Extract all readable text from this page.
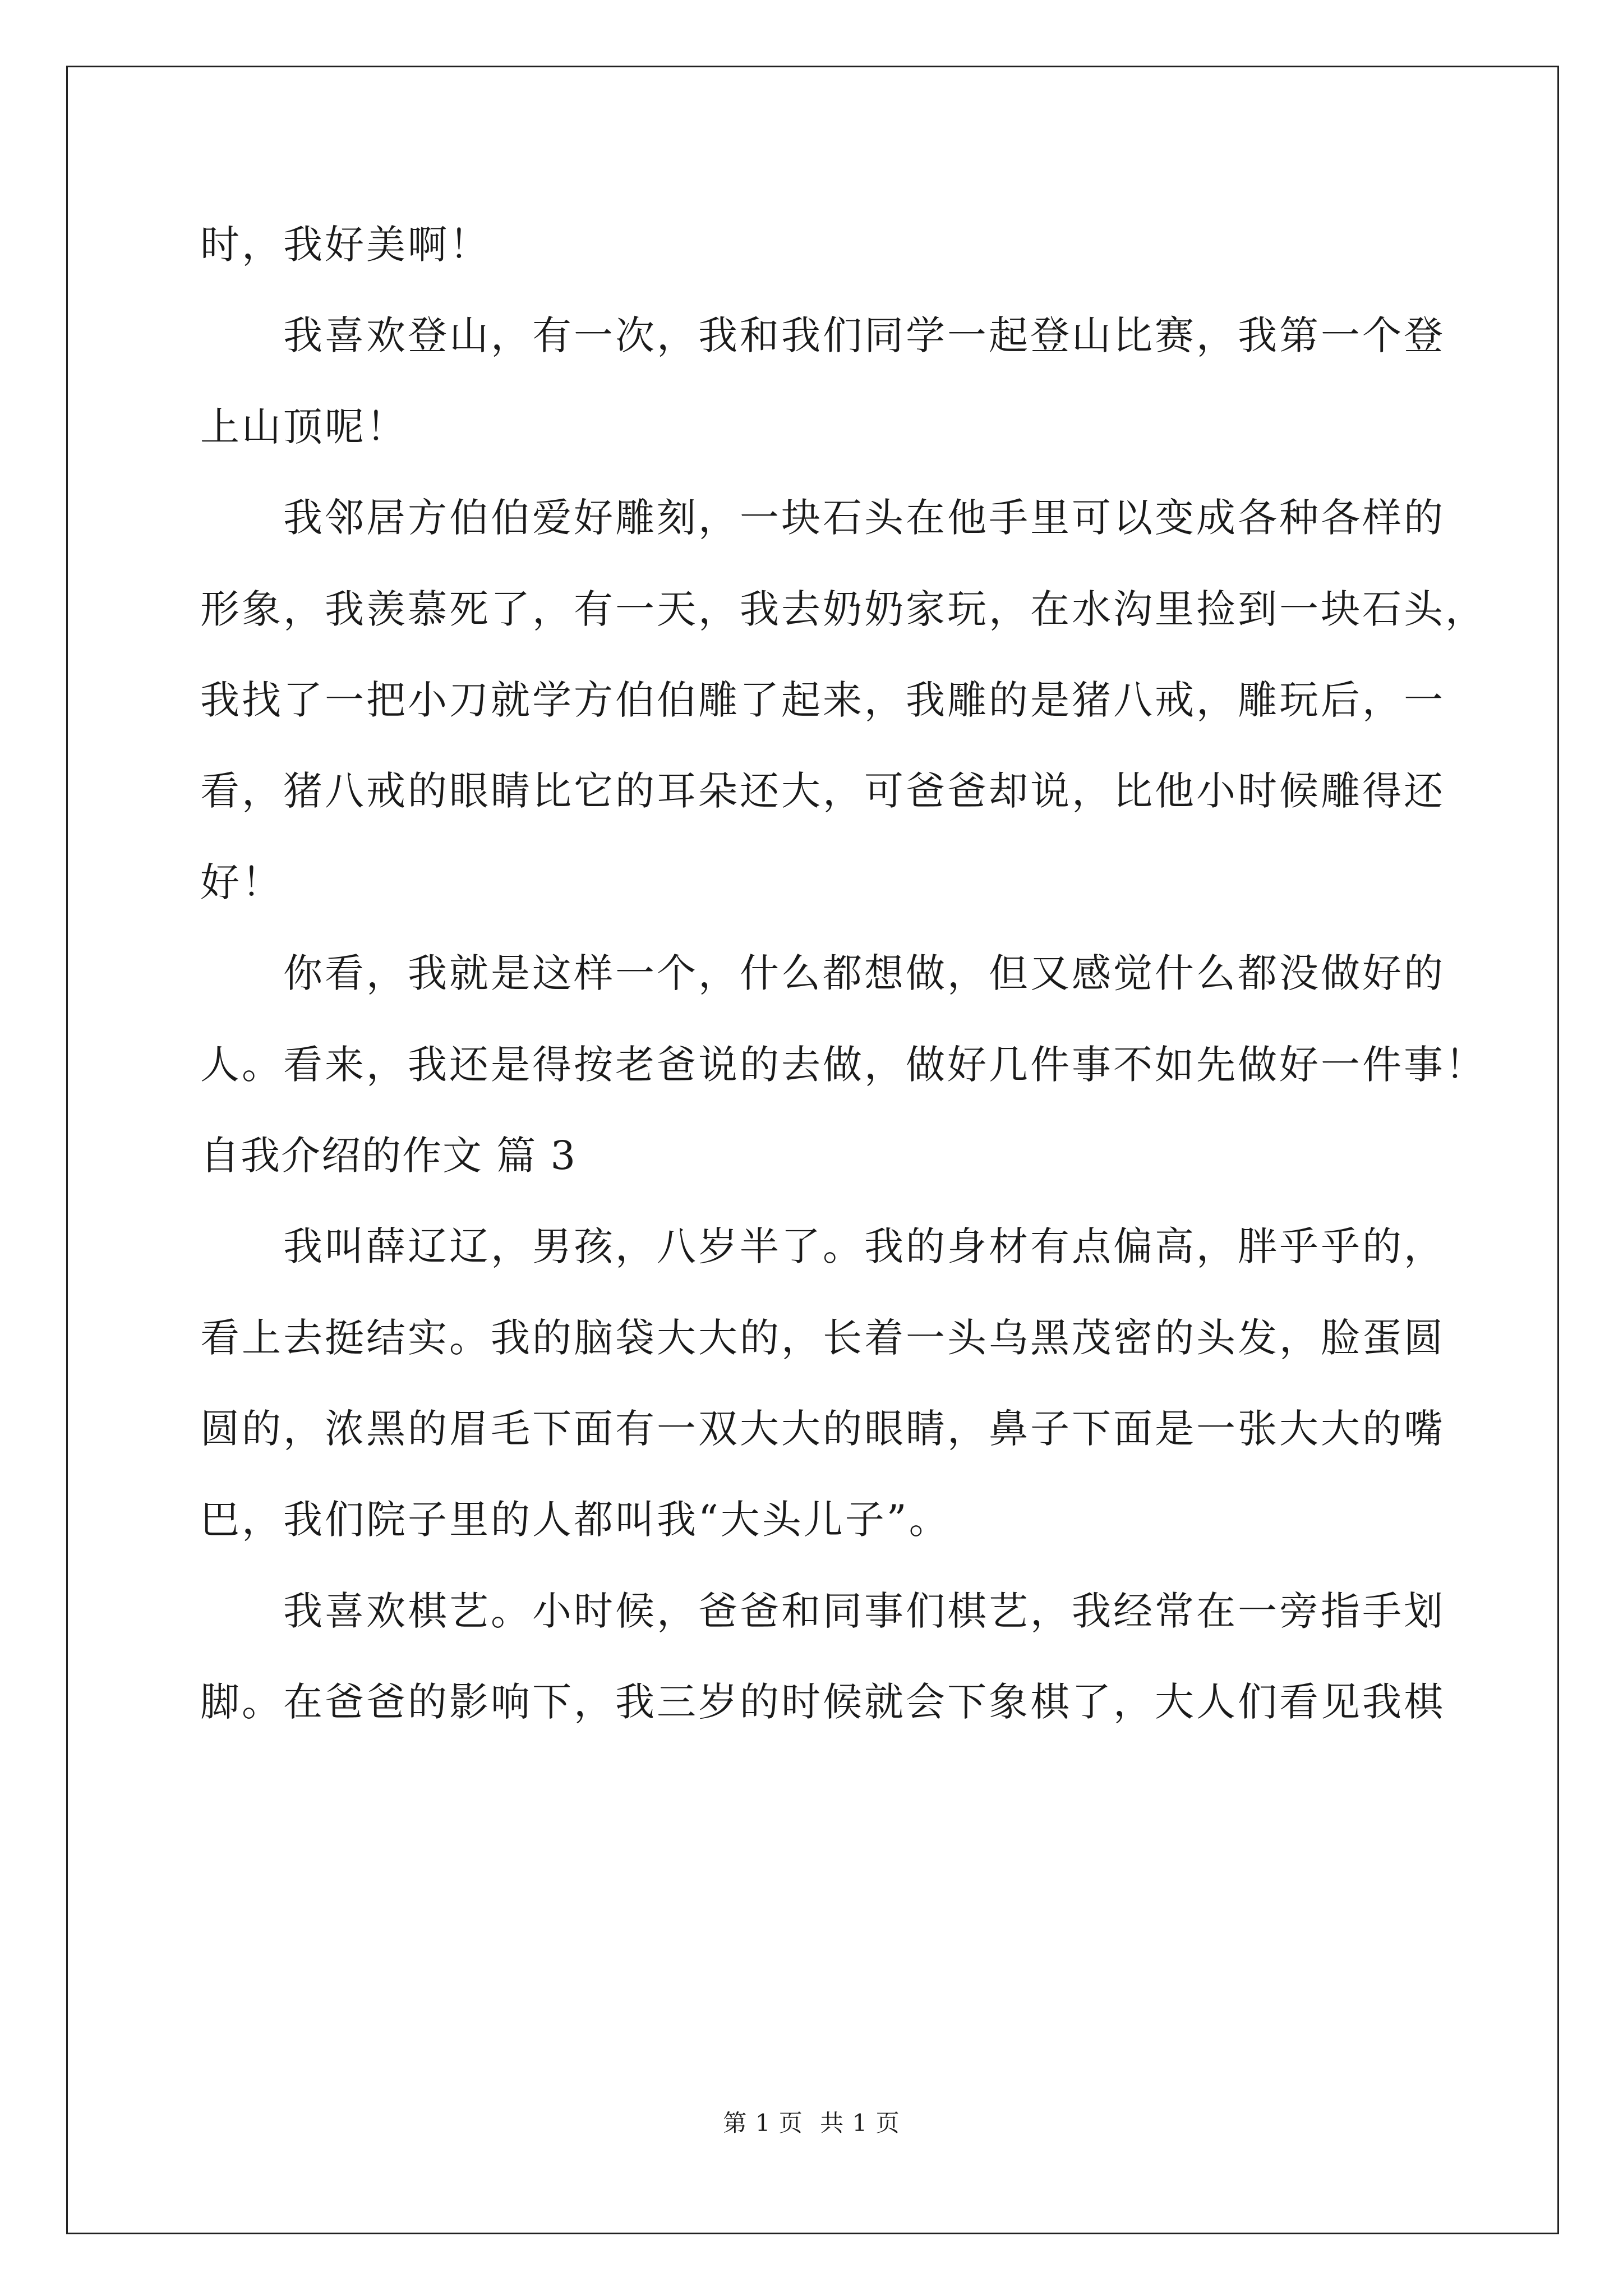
时，我好美啊！
我喜欢登山，有一次，我和我们同学一起登山比赛，我第一个登
上山顶呢！
我邻居方伯伯爱好雕刻，一块石头在他手里可以变成各种各样的
形象，我羡慕死了，有一天，我去奶奶家玩，在水沟里捡到一块石头，
我找了一把小刀就学方伯伯雕了起来，我雕的是猪八戒，雕玩后，一
看，猪八戒的眼睛比它的耳朵还大，可爸爸却说，比他小时候雕得还
好！
你看，我就是这样一个，什么都想做，但又感觉什么都没做好的
人。看来，我还是得按老爸说的去做，做好几件事不如先做好一件事！
自我介绍的作文 篇 3
我叫薛辽辽，男孩，八岁半了。我的身材有点偏高，胖乎乎的，
看上去挺结实。我的脑袋大大的，长着一头乌黑茂密的头发，脸蛋圆
圆的，浓黑的眉毛下面有一双大大的眼睛，鼻子下面是一张大大的嘴
巴，我们院子里的人都叫我“大头儿子”。
我喜欢棋艺。小时候，爸爸和同事们棋艺，我经常在一旁指手划
脚。在爸爸的影响下，我三岁的时候就会下象棋了，大人们看见我棋
第 1 页 共 1 页
